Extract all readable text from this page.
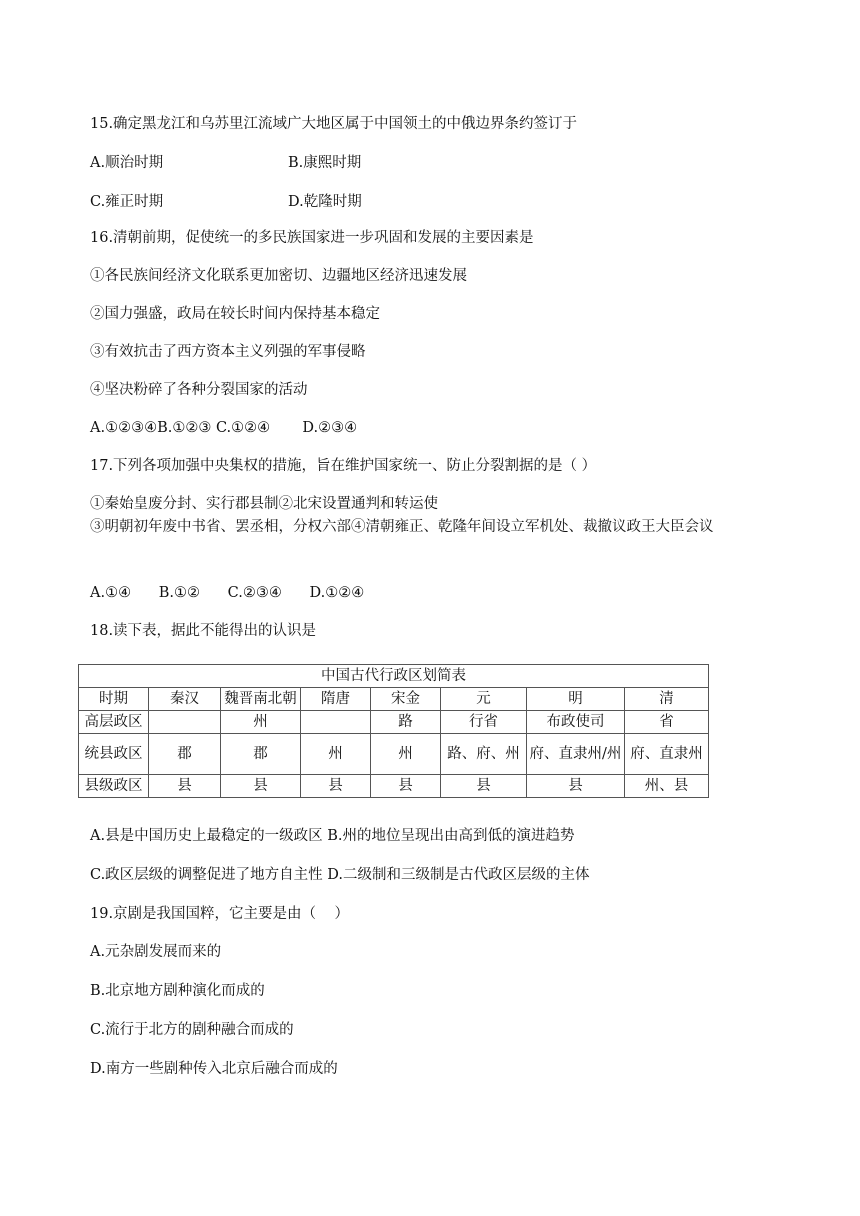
15.确定黑龙江和乌苏里江流域广大地区属于中国领土的中俄边界条约签订于
A.顺治时期	B.康熙时期
C.雍正时期	D.乾隆时期
16.清朝前期，促使统一的多民族国家进一步巩固和发展的主要因素是
①各民族间经济文化联系更加密切、边疆地区经济迅速发展
②国力强盛，政局在较长时间内保持基本稳定
③有效抗击了西方资本主义列强的军事侵略
④坚决粉碎了各种分裂国家的活动
A.①②③④B.①②③ C.①②④       D.②③④
17.下列各项加强中央集权的措施，旨在维护国家统一、防止分裂割据的是（ ）
①秦始皇废分封、实行郡县制②北宋设置通判和转运使
③明朝初年废中书省、罢丞相，分权六部④清朝雍正、乾隆年间设立军机处、裁撤议政王大臣会议
A.①④      B.①②      C.②③④      D.①②④
18.读下表，据此不能得出的认识是
中国古代行政区划简表							
时期	秦汉	魏晋南北朝	隋唐	宋金	元	明	清
高层政区		州		路	行省	布政使司	省
统县政区	郡	郡	州	州	路、府、州	府、直隶州/州	府、直隶州
县级政区	县	县	县	县	县	县	州、县
A.县是中国历史上最稳定的一级政区 B.州的地位呈现出由高到低的演进趋势
C.政区层级的调整促进了地方自主性 D.二级制和三级制是古代政区层级的主体
19.京剧是我国国粹，它主要是由（    ）
A.元杂剧发展而来的
B.北京地方剧种演化而成的
C.流行于北方的剧种融合而成的
D.南方一些剧种传入北京后融合而成的
